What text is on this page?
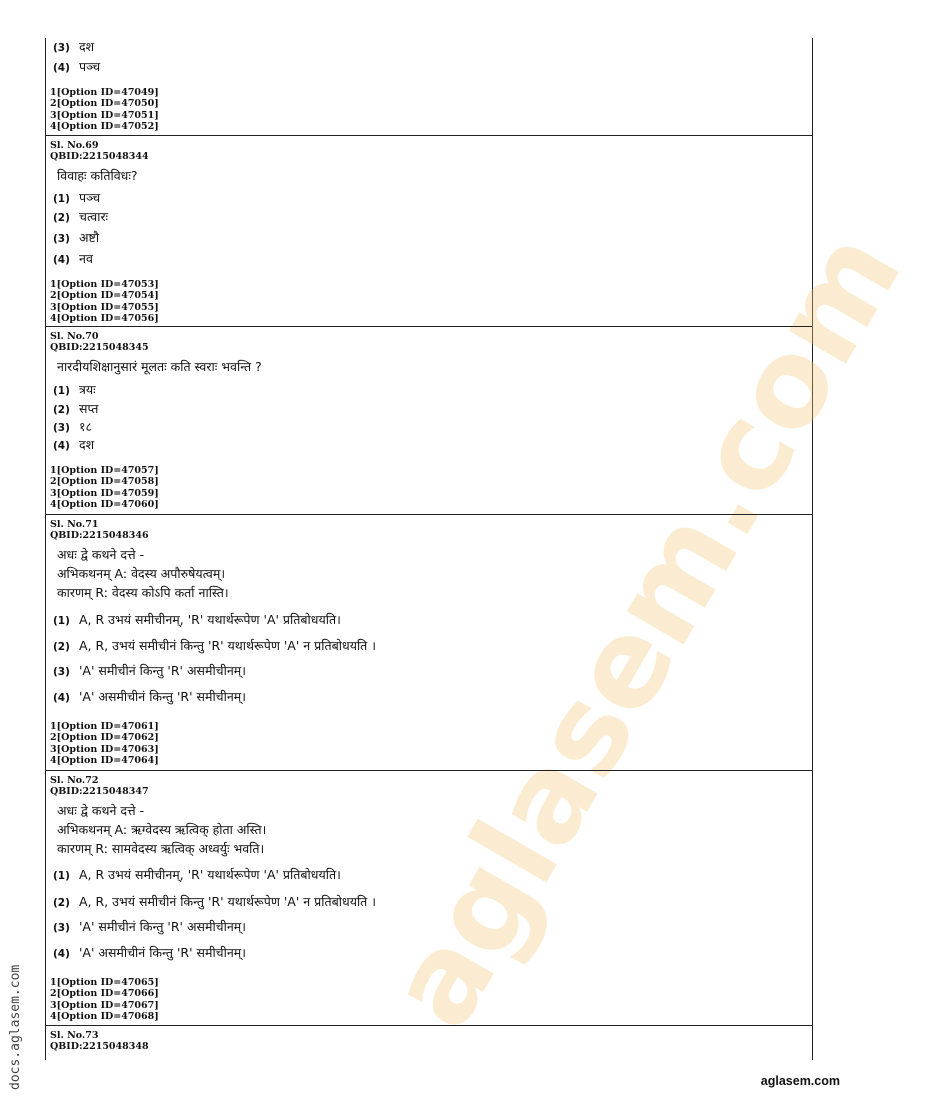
aglasem.com
(3) दश
(4) पञ्च
1[Option ID=47049]
2[Option ID=47050]
3[Option ID=47051]
4[Option ID=47052]
Sl. No.69
QBID:2215048344
विवाहः कतिविधः?
(1) पञ्च
(2) चत्वारः
(3) अष्टौ
(4) नव
1[Option ID=47053]
2[Option ID=47054]
3[Option ID=47055]
4[Option ID=47056]
Sl. No.70
QBID:2215048345
नारदीयशिक्षानुसारं मूलतः कति स्वराः भवन्ति ?
(1) त्रयः
(2) सप्त
(3) १८
(4) दश
1[Option ID=47057]
2[Option ID=47058]
3[Option ID=47059]
4[Option ID=47060]
Sl. No.71
QBID:2215048346
अधः द्वे कथने दत्ते -
अभिकथनम् A: वेदस्य अपौरुषेयत्वम्।
कारणम् R: वेदस्य कोऽपि कर्ता नास्ति।
(1) A, R उभयं समीचीनम्, 'R' यथार्थरूपेण 'A' प्रतिबोधयति।
(2) A, R, उभयं समीचीनं किन्तु 'R' यथार्थरूपेण 'A' न प्रतिबोधयति ।
(3) 'A' समीचीनं किन्तु 'R' असमीचीनम्।
(4) 'A' असमीचीनं किन्तु 'R' समीचीनम्।
1[Option ID=47061]
2[Option ID=47062]
3[Option ID=47063]
4[Option ID=47064]
Sl. No.72
QBID:2215048347
अधः द्वे कथने दत्ते -
अभिकथनम् A: ऋग्वेदस्य ऋत्विक् होता अस्ति।
कारणम् R: सामवेदस्य ऋत्विक् अध्वर्युः भवति।
(1) A, R उभयं समीचीनम्, 'R' यथार्थरूपेण 'A' प्रतिबोधयति।
(2) A, R, उभयं समीचीनं किन्तु 'R' यथार्थरूपेण 'A' न प्रतिबोधयति ।
(3) 'A' समीचीनं किन्तु 'R' असमीचीनम्।
(4) 'A' असमीचीनं किन्तु 'R' समीचीनम्।
1[Option ID=47065]
2[Option ID=47066]
3[Option ID=47067]
4[Option ID=47068]
Sl. No.73
QBID:2215048348
docs.aglasem.com	aglasem.com
